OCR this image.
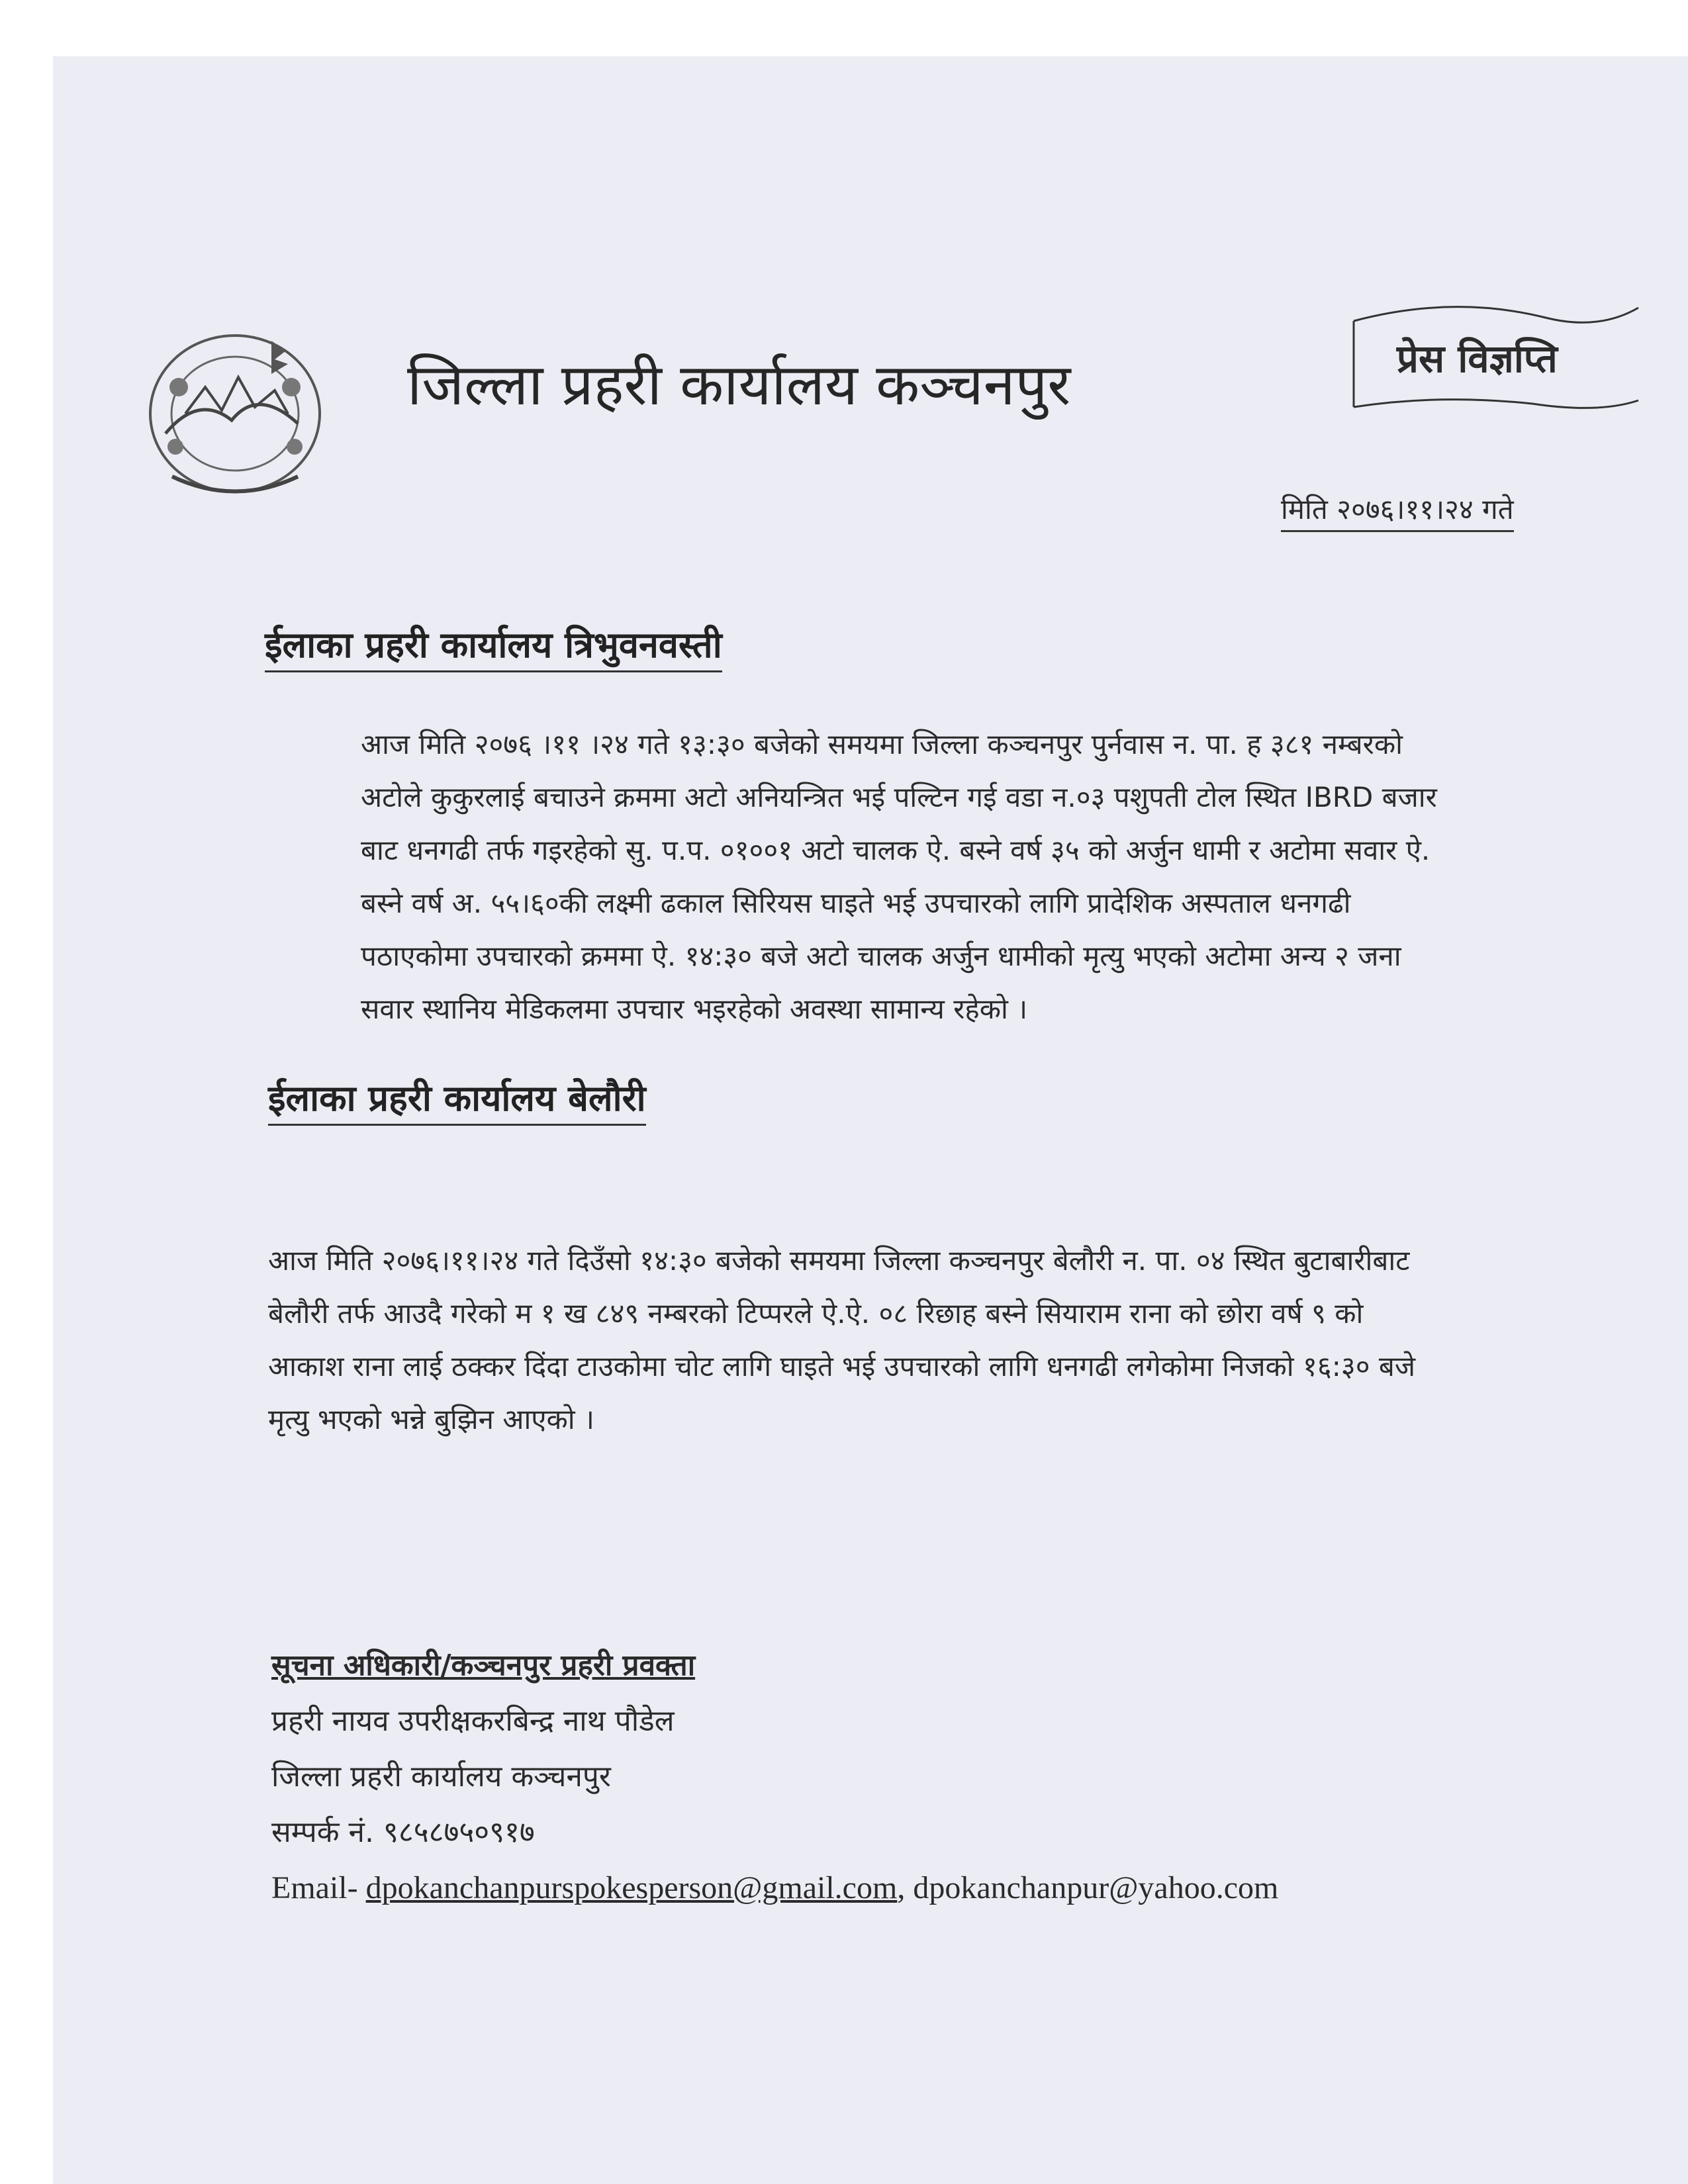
जिल्ला प्रहरी कार्यालय कञ्चनपुर	प्रेस विज्ञप्ति
मिति २०७६।११।२४ गते
ईलाका प्रहरी कार्यालय त्रिभुवनवस्ती
आज मिति २०७६ ।११ ।२४ गते १३:३० बजेको समयमा जिल्ला कञ्चनपुर पुर्नवास न. पा. ह ३८१ नम्बरको
अटोले कुकुरलाई बचाउने क्रममा अटो अनियन्त्रित भई पल्टिन गई वडा न.०३ पशुपती टोल स्थित IBRD बजार
बाट धनगढी तर्फ गइरहेको सु. प.प. ०१००१ अटो चालक ऐ. बस्ने वर्ष ३५ को अर्जुन धामी र अटोमा सवार ऐ.
बस्ने वर्ष अ. ५५।६०की लक्ष्मी ढकाल सिरियस घाइते भई उपचारको लागि प्रादेशिक अस्पताल धनगढी
पठाएकोमा उपचारको क्रममा ऐ. १४:३० बजे अटो चालक अर्जुन धामीको मृत्यु भएको अटोमा अन्य २ जना
सवार स्थानिय मेडिकलमा उपचार भइरहेको अवस्था सामान्य रहेको ।
ईलाका प्रहरी कार्यालय बेलौरी
आज मिति २०७६।११।२४ गते दिउँसो १४:३० बजेको समयमा जिल्ला कञ्चनपुर बेलौरी न. पा. ०४ स्थित बुटाबारीबाट
बेलौरी तर्फ आउदै गरेको म १ ख ८४९ नम्बरको टिप्परले ऐ.ऐ. ०८ रिछाह बस्ने सियाराम राना को छोरा वर्ष ९ को
आकाश राना लाई ठक्कर दिंदा टाउकोमा चोट लागि घाइते भई उपचारको लागि धनगढी लगेकोमा निजको १६:३० बजे
मृत्यु भएको भन्ने बुझिन आएको ।
सूचना अधिकारी/कञ्चनपुर प्रहरी प्रवक्ता
प्रहरी नायव उपरीक्षकरबिन्द्र नाथ पौडेल
जिल्ला प्रहरी कार्यालय कञ्चनपुर
सम्पर्क नं. ९८५८७५०९१७
Email- dpokanchanpurspokesperson@gmail.com, dpokanchanpur@yahoo.com
